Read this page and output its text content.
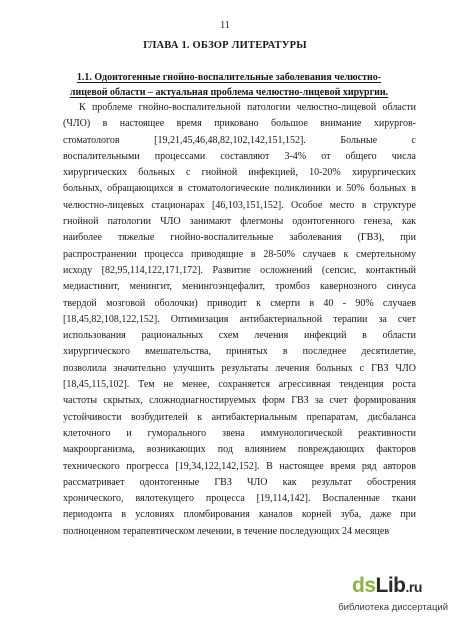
11
ГЛАВА 1. ОБЗОР ЛИТЕРАТУРЫ
1.1. Одонтогенные гнойно-воспалительные заболевания челюстно-
лицевой области – актуальная проблема челюстно-лицевой хирургии.
К проблеме гнойно-воспалительной патологии челюстно-лицевой области
(ЧЛО) в настоящее время приковано большое внимание хирургов-
стоматологов [19,21,45,46,48,82,102,142,151,152]. Больные с
воспалительными процессами составляют 3-4% от общего числа
хирургических больных с гнойной инфекцией, 10-20% хирургических
больных, обращающихся в стоматологические поликлиники и 50% больных в
челюстно-лицевых стационарах [46,103,151,152]. Особое место в структуре
гнойной патологии ЧЛО занимают флегмоны одонтогенного генеза, как
наиболее тяжелые гнойно-воспалительные заболевания (ГВЗ), при
распространении процесса приводящие в 28-50% случаев к смертельному
исходу [82,95,114,122,171,172]. Развитие осложнений (сепсис, контактный
медиастинит, менингит, менингоэнцефалит, тромбоз кавернозного синуса
твердой мозговой оболочки) приводит к смерти в 40 - 90% случаев
[18,45,82,108,122,152]. Оптимизация антибактериальной терапии за счет
использования рациональных схем лечения инфекций в области
хирургического вмешательства, принятых в последнее десятилетие,
позволила значительно улучшить результаты лечения больных с ГВЗ ЧЛО
[18,45,115,102]. Тем не менее, сохраняется агрессивная тенденция роста
частоты скрытых, сложнодиагностируемых форм ГВЗ за счет формирования
устойчивости возбудителей к антибактериальным препаратам, дисбаланса
клеточного и гуморального звена иммунологической реактивности
макроорганизма, возникающих под влиянием повреждающих факторов
технического прогресса [19,34,122,142,152]. В настоящее время ряд авторов
рассматривает одонтогенные ГВЗ ЧЛО как результат обострения
хронического, вялотекущего процесса [19,114,142]. Воспаленные ткани
периодонта в условиях пломбирования каналов корней зуба, даже при
полноценном терапевтическом лечении, в течение последующих 24 месяцев
dsLib.ru
библиотека диссертаций
